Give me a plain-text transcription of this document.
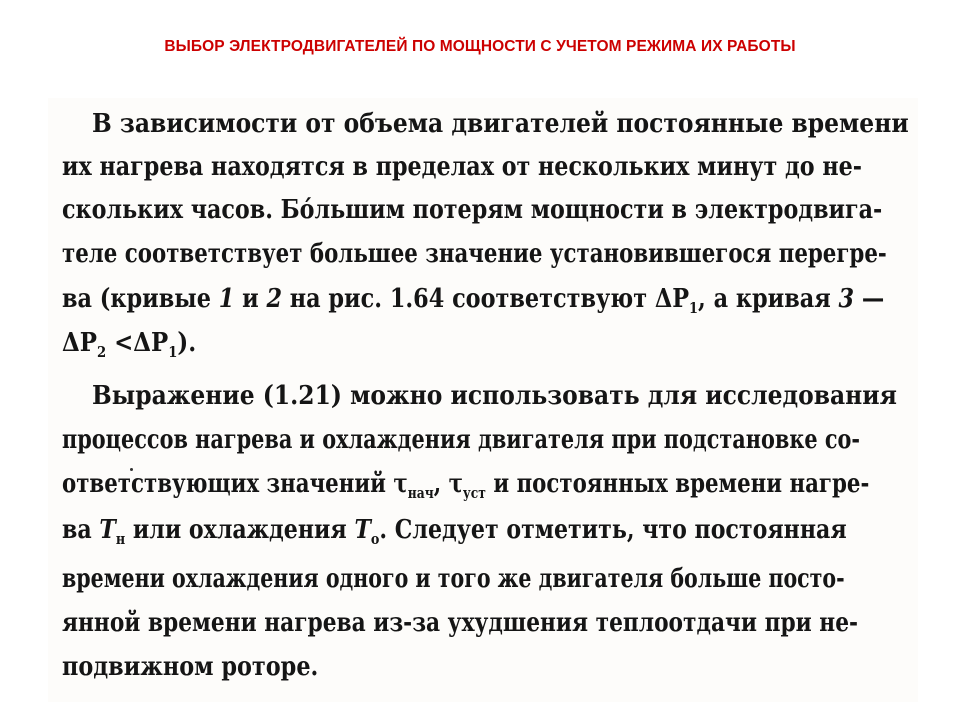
ВЫБОР ЭЛЕКТРОДВИГАТЕЛЕЙ ПО МОЩНОСТИ С УЧЕТОМ РЕЖИМА ИХ РАБОТЫ
В зависимости от объема двигателей постоянные времени
их нагрева находятся в пределах от нескольких минут до не-
скольких часов. Бо́льшим потерям мощности в электродвига-
теле соответствует большее значение установившегося перегре-
ва (кривые 1 и 2 на рис. 1.64 соответствуют $\Delta P_1$, а кривая 3 —
$\Delta P_2 <\Delta P_1$).
Выражение (1.21) можно использовать для исследования
процессов нагрева и охлаждения двигателя при подстановке со-
ответствующих значений $\tau_{нач}$, $\tau_{уст}$ и постоянных времени нагре-
ва $T_н$ или охлаждения $T_о$. Следует отметить, что постоянная
времени охлаждения одного и того же двигателя больше посто-
янной времени нагрева из-за ухудшения теплоотдачи при не-
подвижном роторе.
